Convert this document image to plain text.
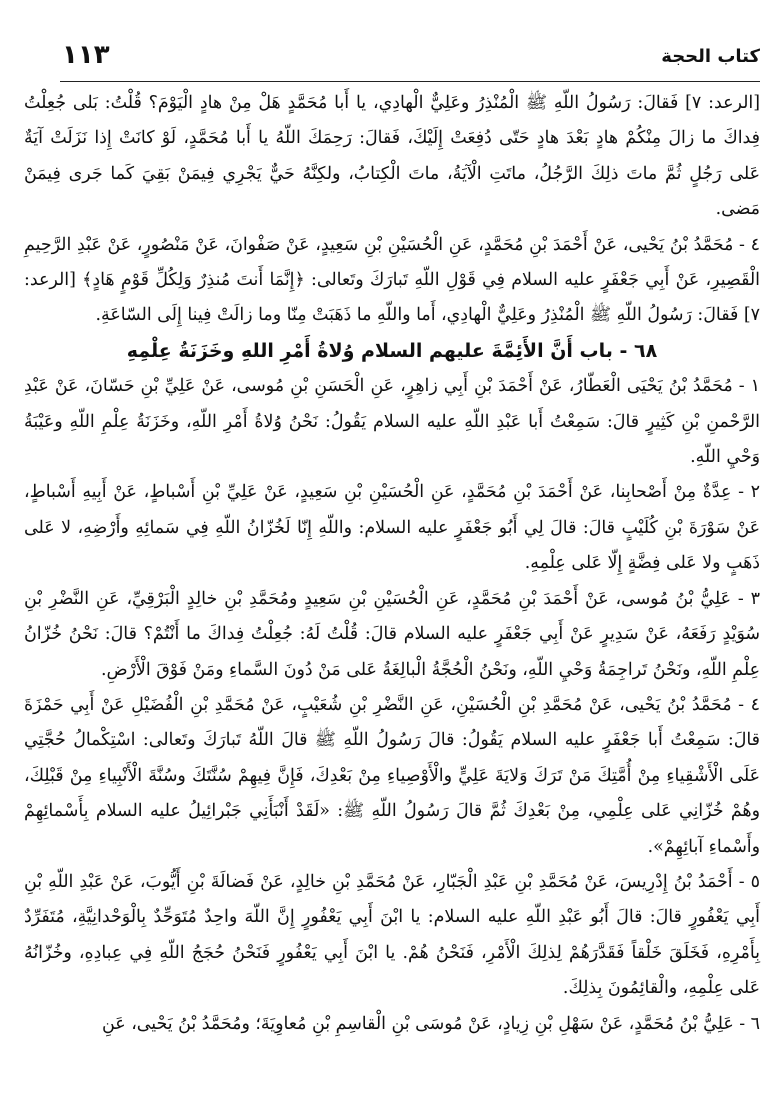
١١٣	كتاب الحجة

[الرعد: ٧] فَقالَ: رَسُولُ اللّهِ ﷺ الْمُنْذِرُ وعَلِيٌّ الْهادِي، يا أَبا مُحَمَّدٍ هَلْ مِنْ هادٍ الْيَوْمَ؟ قُلْتُ: بَلى جُعِلْتُ فِداكَ ما زالَ مِنْكُمْ هادٍ بَعْدَ هادٍ حَتّى دُفِعَتْ إِلَيْكَ، فَقالَ: رَحِمَكَ اللّهُ يا أَبا مُحَمَّدٍ، لَوْ كانَتْ إِذا نَزَلَتْ آيَةٌ عَلى رَجُلٍ ثُمَّ ماتَ ذلِكَ الرَّجُلُ، ماتَتِ الْآيَةُ، ماتَ الْكِتابُ، ولكِنَّهُ حَيٌّ يَجْرِي فِيمَنْ بَقِيَ كَما جَرى فِيمَنْ مَضى.

٤ - مُحَمَّدُ بْنُ يَحْيى، عَنْ أَحْمَدَ بْنِ مُحَمَّدٍ، عَنِ الْحُسَيْنِ بْنِ سَعِيدٍ، عَنْ صَفْوانَ، عَنْ مَنْصُورٍ، عَنْ عَبْدِ الرَّحِيمِ الْقَصِيرِ، عَنْ أَبِي جَعْفَرٍ عليه السلام فِي قَوْلِ اللّهِ تَبارَكَ وتَعالى: ﴿إِنَّمَا أَنتَ مُنذِرٌ وَلِكُلِّ قَوْمٍ هَادٍ﴾ [الرعد: ٧] فَقالَ: رَسُولُ اللّهِ ﷺ الْمُنْذِرُ وعَلِيٌّ الْهادِي، أَما واللّهِ ما ذَهَبَتْ مِنّا وما زالَتْ فِينا إِلَى السّاعَةِ.

٦٨ - باب أَنَّ الأَئِمَّةَ عليهم السلام وُلاةُ أَمْرِ اللهِ وخَزَنَةُ عِلْمِهِ

١ - مُحَمَّدُ بْنُ يَحْيَى الْعَطّارُ، عَنْ أَحْمَدَ بْنِ أَبِي زاهِرٍ، عَنِ الْحَسَنِ بْنِ مُوسى، عَنْ عَلِيِّ بْنِ حَسّانَ، عَنْ عَبْدِ الرَّحْمنِ بْنِ كَثِيرٍ قالَ: سَمِعْتُ أَبا عَبْدِ اللّهِ عليه السلام يَقُولُ: نَحْنُ وُلاةُ أَمْرِ اللّهِ، وخَزَنَةُ عِلْمِ اللّهِ وعَيْبَةُ وَحْيِ اللّهِ.

٢ - عِدَّةٌ مِنْ أَصْحابِنا، عَنْ أَحْمَدَ بْنِ مُحَمَّدٍ، عَنِ الْحُسَيْنِ بْنِ سَعِيدٍ، عَنْ عَلِيِّ بْنِ أَسْباطٍ، عَنْ أَبِيهِ أَسْباطٍ، عَنْ سَوْرَةَ بْنِ كُلَيْبٍ قالَ: قالَ لِي أَبُو جَعْفَرٍ عليه السلام: واللّهِ إِنّا لَخُزّانُ اللّهِ فِي سَمائِهِ وأَرْضِهِ، لا عَلى ذَهَبٍ ولا عَلى فِضَّةٍ إِلّا عَلى عِلْمِهِ.

٣ - عَلِيُّ بْنُ مُوسى، عَنْ أَحْمَدَ بْنِ مُحَمَّدٍ، عَنِ الْحُسَيْنِ بْنِ سَعِيدٍ ومُحَمَّدِ بْنِ خالِدٍ الْبَرْقِيِّ، عَنِ النَّضْرِ بْنِ سُوَيْدٍ رَفَعَهُ، عَنْ سَدِيرٍ عَنْ أَبِي جَعْفَرٍ عليه السلام قالَ: قُلْتُ لَهُ: جُعِلْتُ فِداكَ ما أَنْتُمْ؟ قالَ: نَحْنُ خُزّانُ عِلْمِ اللّهِ، ونَحْنُ تَراجِمَةُ وَحْيِ اللّهِ، ونَحْنُ الْحُجَّةُ الْبالِغَةُ عَلى مَنْ دُونَ السَّماءِ ومَنْ فَوْقَ الْأَرْضِ.

٤ - مُحَمَّدُ بْنُ يَحْيى، عَنْ مُحَمَّدِ بْنِ الْحُسَيْنِ، عَنِ النَّضْرِ بْنِ شُعَيْبٍ، عَنْ مُحَمَّدِ بْنِ الْفُضَيْلِ عَنْ أَبِي حَمْزَةَ قالَ: سَمِعْتُ أَبا جَعْفَرٍ عليه السلام يَقُولُ: قالَ رَسُولُ اللّهِ ﷺ قالَ اللّهُ تَبارَكَ وتَعالى: اسْتِكْمالُ حُجَّتِي عَلَى الْأَشْقِياءِ مِنْ أُمَّتِكَ مَنْ تَرَكَ وَلايَةَ عَلِيٍّ والْأَوْصِياءِ مِنْ بَعْدِكَ، فَإِنَّ فِيهِمْ سُنَّتَكَ وسُنَّةَ الْأَنْبِياءِ مِنْ قَبْلِكَ، وهُمْ خُزّانِي عَلى عِلْمِي، مِنْ بَعْدِكَ ثُمَّ قالَ رَسُولُ اللّهِ ﷺ: «لَقَدْ أَنْبَأَنِي جَبْرائِيلُ عليه السلام بِأَسْمائِهِمْ وأَسْماءِ آبائِهِمْ».

٥ - أَحْمَدُ بْنُ إِدْرِيسَ، عَنْ مُحَمَّدِ بْنِ عَبْدِ الْجَبّارِ، عَنْ مُحَمَّدِ بْنِ خالِدٍ، عَنْ فَضالَةَ بْنِ أَيُّوبَ، عَنْ عَبْدِ اللّهِ بْنِ أَبِي يَعْفُورٍ قالَ: قالَ أَبُو عَبْدِ اللّهِ عليه السلام: يا ابْنَ أَبِي يَعْفُورٍ إِنَّ اللّهَ واحِدٌ مُتَوَحِّدٌ بِالْوَحْدانِيَّةِ، مُتَفَرِّدٌ بِأَمْرِهِ، فَخَلَقَ خَلْقاً فَقَدَّرَهُمْ لِذلِكَ الْأَمْرِ، فَنَحْنُ هُمْ. يا ابْنَ أَبِي يَعْفُورٍ فَنَحْنُ حُجَجُ اللّهِ فِي عِبادِهِ، وخُزّانُهُ عَلى عِلْمِهِ، والْقائِمُونَ بِذلِكَ.

٦ - عَلِيُّ بْنُ مُحَمَّدٍ، عَنْ سَهْلِ بْنِ زِيادٍ، عَنْ مُوسَى بْنِ الْقاسِمِ بْنِ مُعاوِيَةَ؛ ومُحَمَّدُ بْنُ يَحْيى، عَنِ
